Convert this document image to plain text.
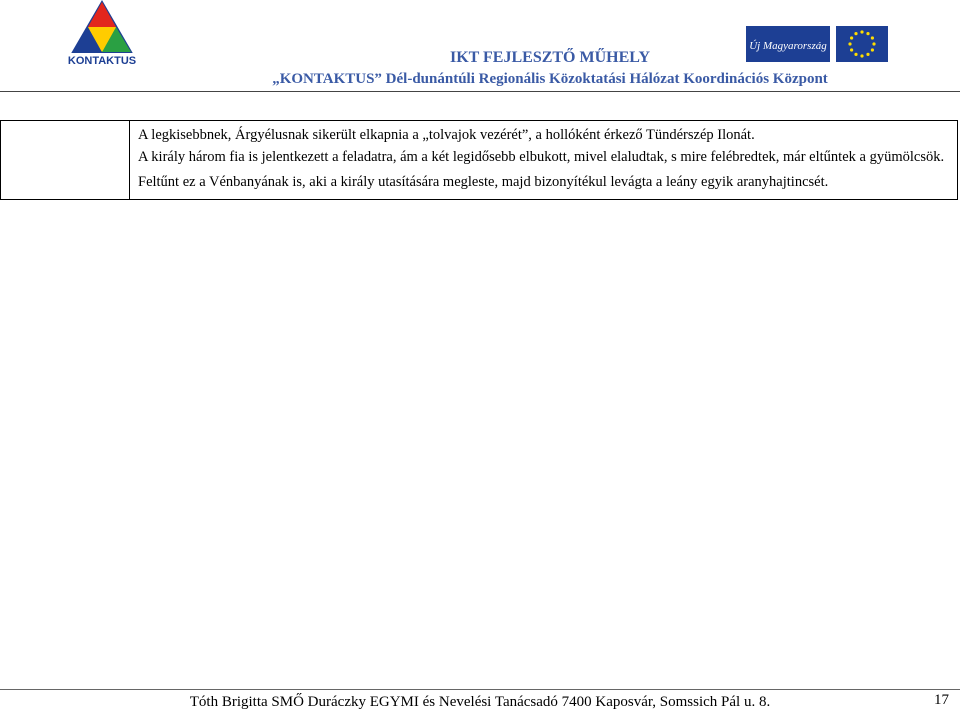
KONTAKTUS
Új Magyarország
IKT FEJLESZTŐ MŰHELY
„KONTAKTUS” Dél-dunántúli Regionális Közoktatási Hálózat Koordinációs Központ

A legkisebbnek, Árgyélusnak sikerült elkapnia a „tolvajok vezérét”, a hollóként érkező Tündérszép Ilonát.

A király három fia is jelentkezett a feladatra, ám a két legidősebb elbukott, mivel elaludtak, s mire felébredtek, már eltűntek a gyümölcsök.

Feltűnt ez a Vénbanyának is, aki a király utasítására megleste, majd bizonyítékul levágta a leány egyik aranyhajtincsét.

Tóth Brigitta SMŐ Duráczky EGYMI és Nevelési Tanácsadó 7400 Kaposvár, Somssich Pál u. 8.	17
